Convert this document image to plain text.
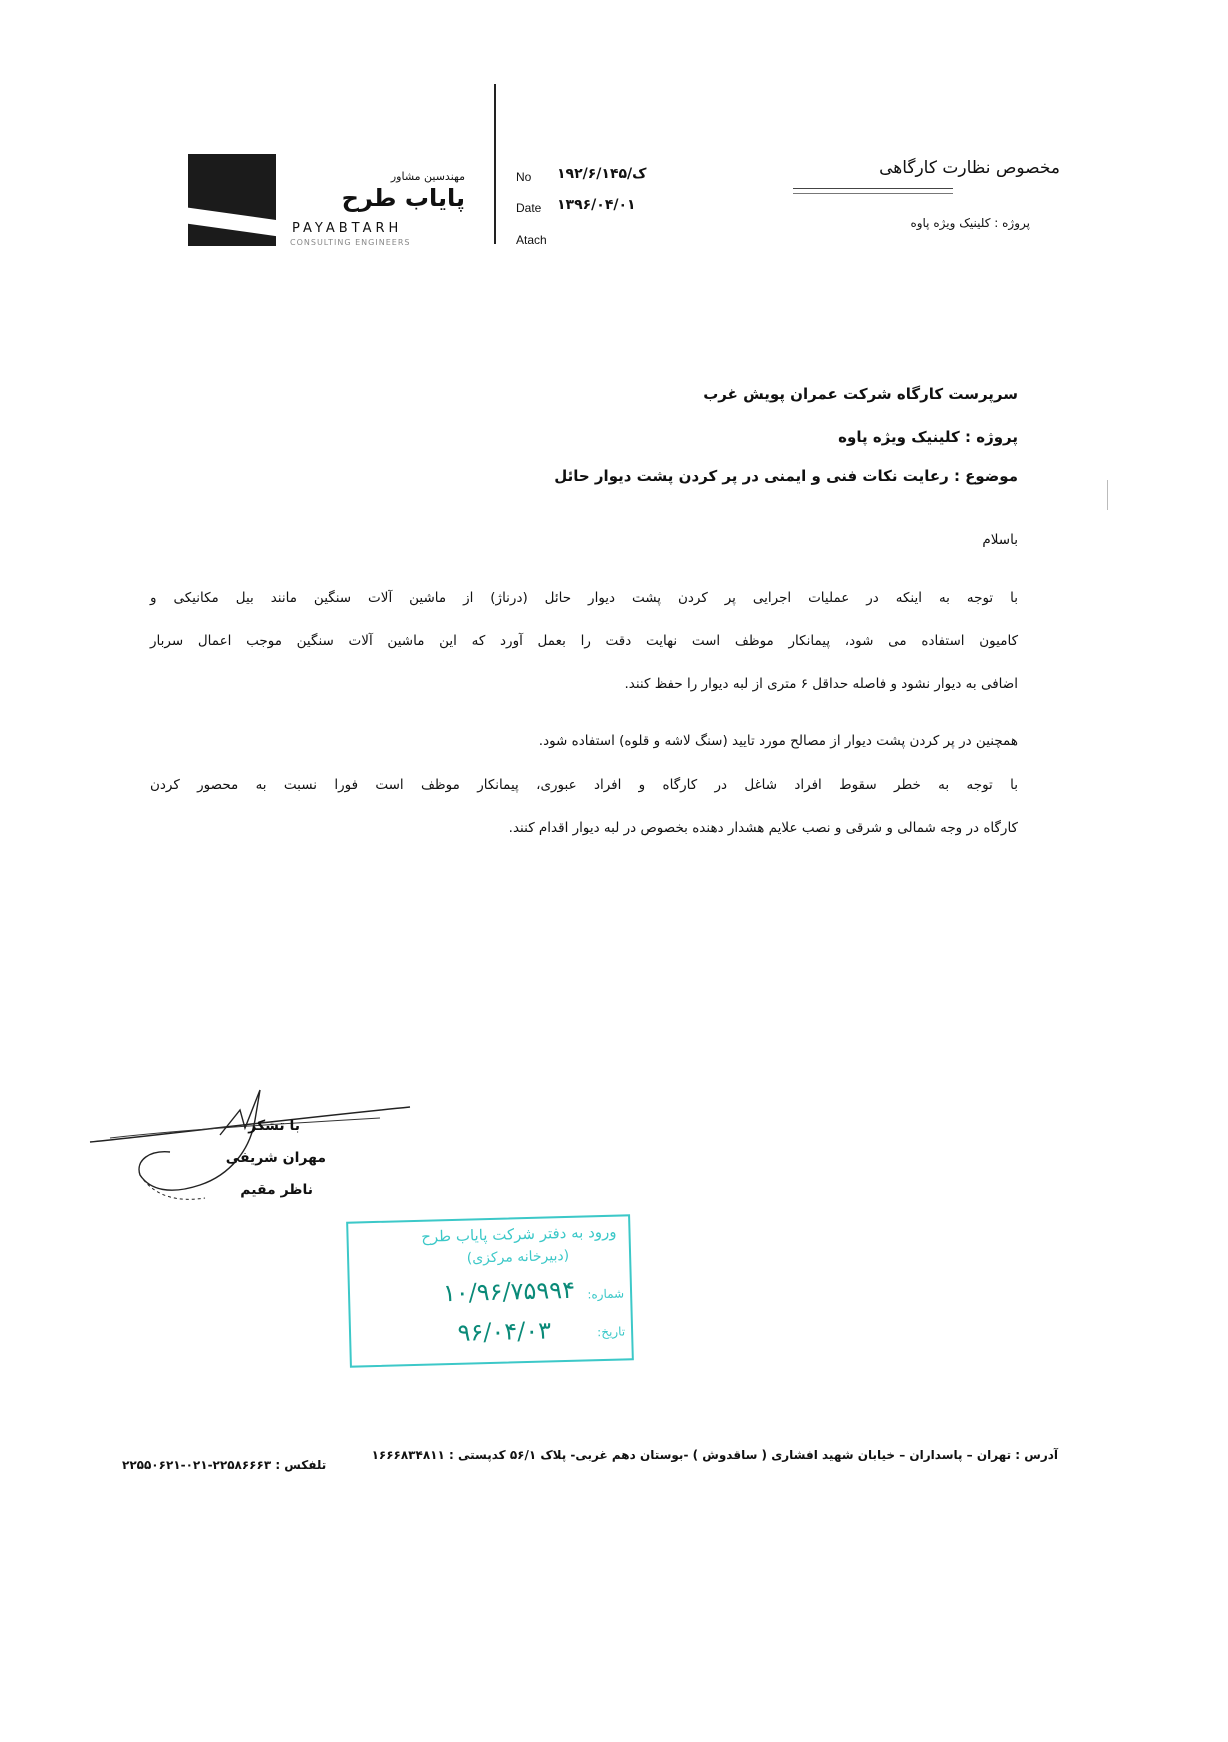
مهندسین مشاور
پایاب طرح
PAYABTARH
CONSULTING ENGINEERS
No ۱۹۲/۶/ک/۱۴۵
Date ۱۳۹۶/۰۴/۰۱
Atach
مخصوص نظارت کارگاهی
پروژه : کلینیک ویژه پاوه
سرپرست کارگاه شرکت عمران پویش غرب
پروژه : کلینیک ویژه پاوه
موضوع : رعایت نکات فنی و ایمنی در پر کردن پشت دیوار حائل
باسلام
با توجه به اینکه در عملیات اجرایی پر کردن پشت دیوار حائل (درناژ) از ماشین آلات سنگین مانند بیل مکانیکی و
کامیون استفاده می شود، پیمانکار موظف است نهایت دقت را بعمل آورد که این ماشین آلات سنگین موجب اعمال سربار
اضافی به دیوار نشود و فاصله حداقل ۶ متری از لبه دیوار را حفظ کنند.
همچنین در پر کردن پشت دیوار از مصالح مورد تایید (سنگ لاشه و قلوه) استفاده شود.
با توجه به خطر سقوط افراد شاغل در کارگاه و افراد عبوری، پیمانکار موظف است فورا نسبت به محصور کردن
کارگاه در وجه شمالی و شرقی و نصب علایم هشدار دهنده بخصوص در لبه دیوار اقدام کنند.
با تشکر
مهران شریفی
ناظر مقیم
ورود به دفتر شرکت پایاب طرح
(دبیرخانه مرکزی)
شماره:
۱۰/۹۶/۷۵۹۹۴
تاریخ:
۹۶/۰۴/۰۳
آدرس : تهران – پاسداران – خیابان شهید افشاری ( ساقدوش ) -بوستان دهم غربی- پلاک ۵۶/۱ کدپستی : ۱۶۶۶۸۳۴۸۱۱
تلفکس : ۲۲۵۸۶۶۶۳-۰۲۱-۲۲۵۵۰۶۲۱
